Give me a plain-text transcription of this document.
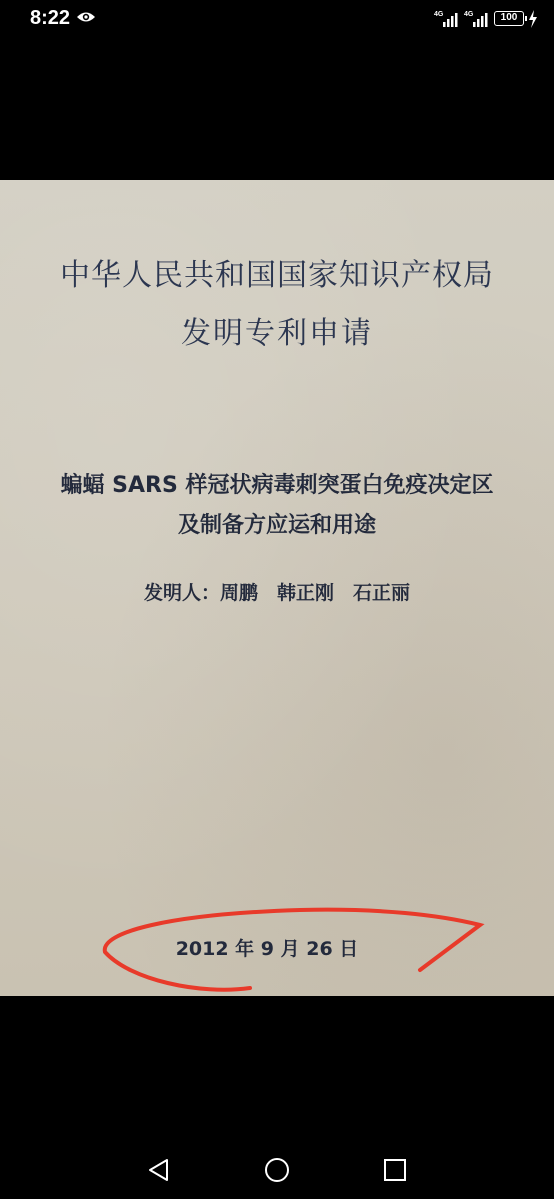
8:22	4G	4G	100
中华人民共和国国家知识产权局
发明专利申请
蝙蝠 SARS 样冠状病毒刺突蛋白免疫决定区
及制备方应运和用途
发明人：周鹏　韩正刚　石正丽
2012 年 9 月 26 日
